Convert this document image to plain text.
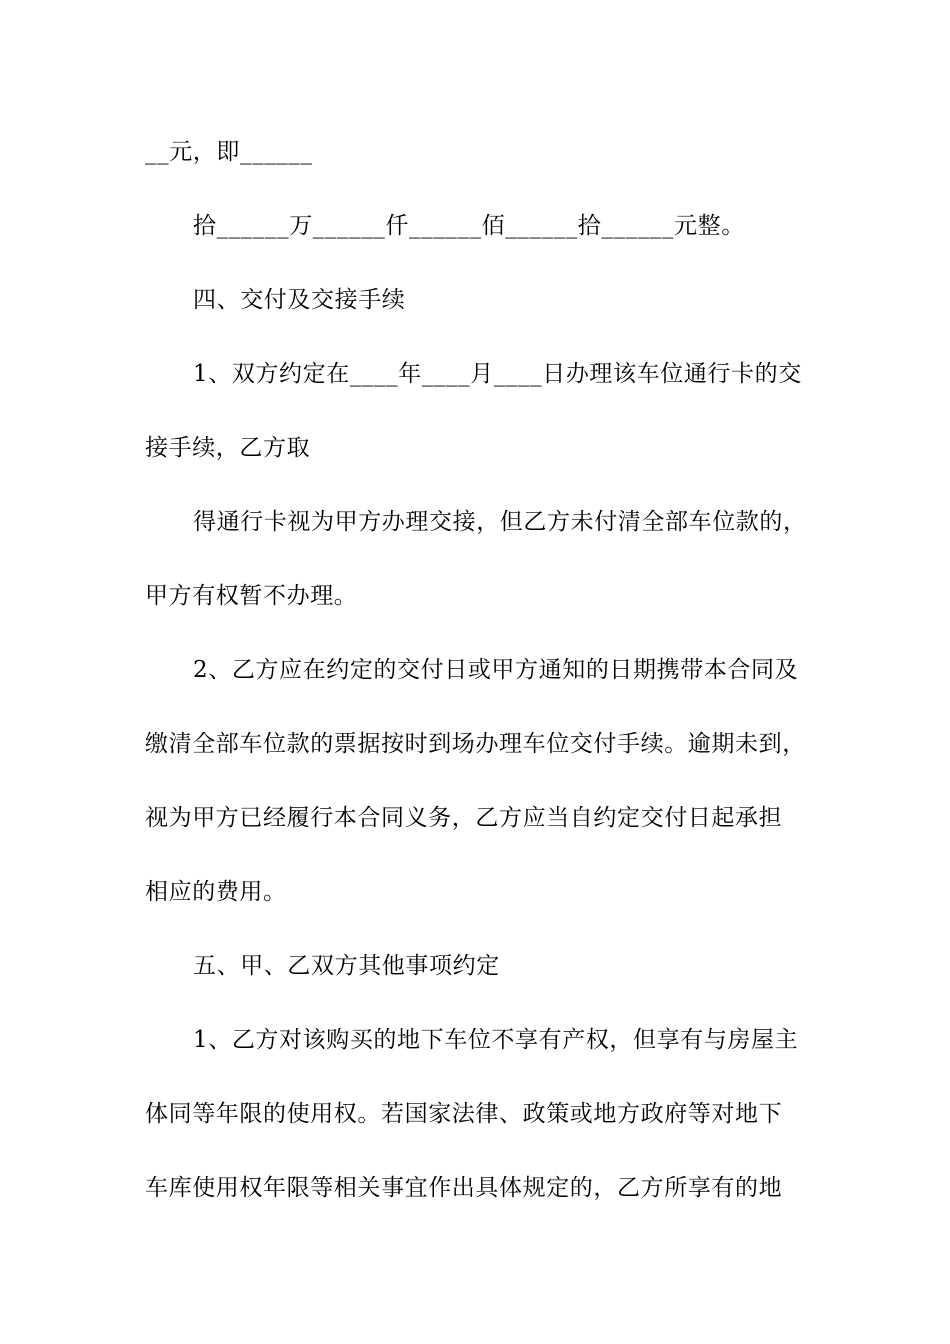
__元，即______
拾______万______仟______佰______拾______元整。
四、交付及交接手续
1、双方约定在____年____月____日办理该车位通行卡的交
接手续，乙方取
得通行卡视为甲方办理交接，但乙方未付清全部车位款的，
甲方有权暂不办理。
2、乙方应在约定的交付日或甲方通知的日期携带本合同及
缴清全部车位款的票据按时到场办理车位交付手续。逾期未到，
视为甲方已经履行本合同义务，乙方应当自约定交付日起承担
相应的费用。
五、甲、乙双方其他事项约定
1、乙方对该购买的地下车位不享有产权，但享有与房屋主
体同等年限的使用权。若国家法律、政策或地方政府等对地下
车库使用权年限等相关事宜作出具体规定的，乙方所享有的地
